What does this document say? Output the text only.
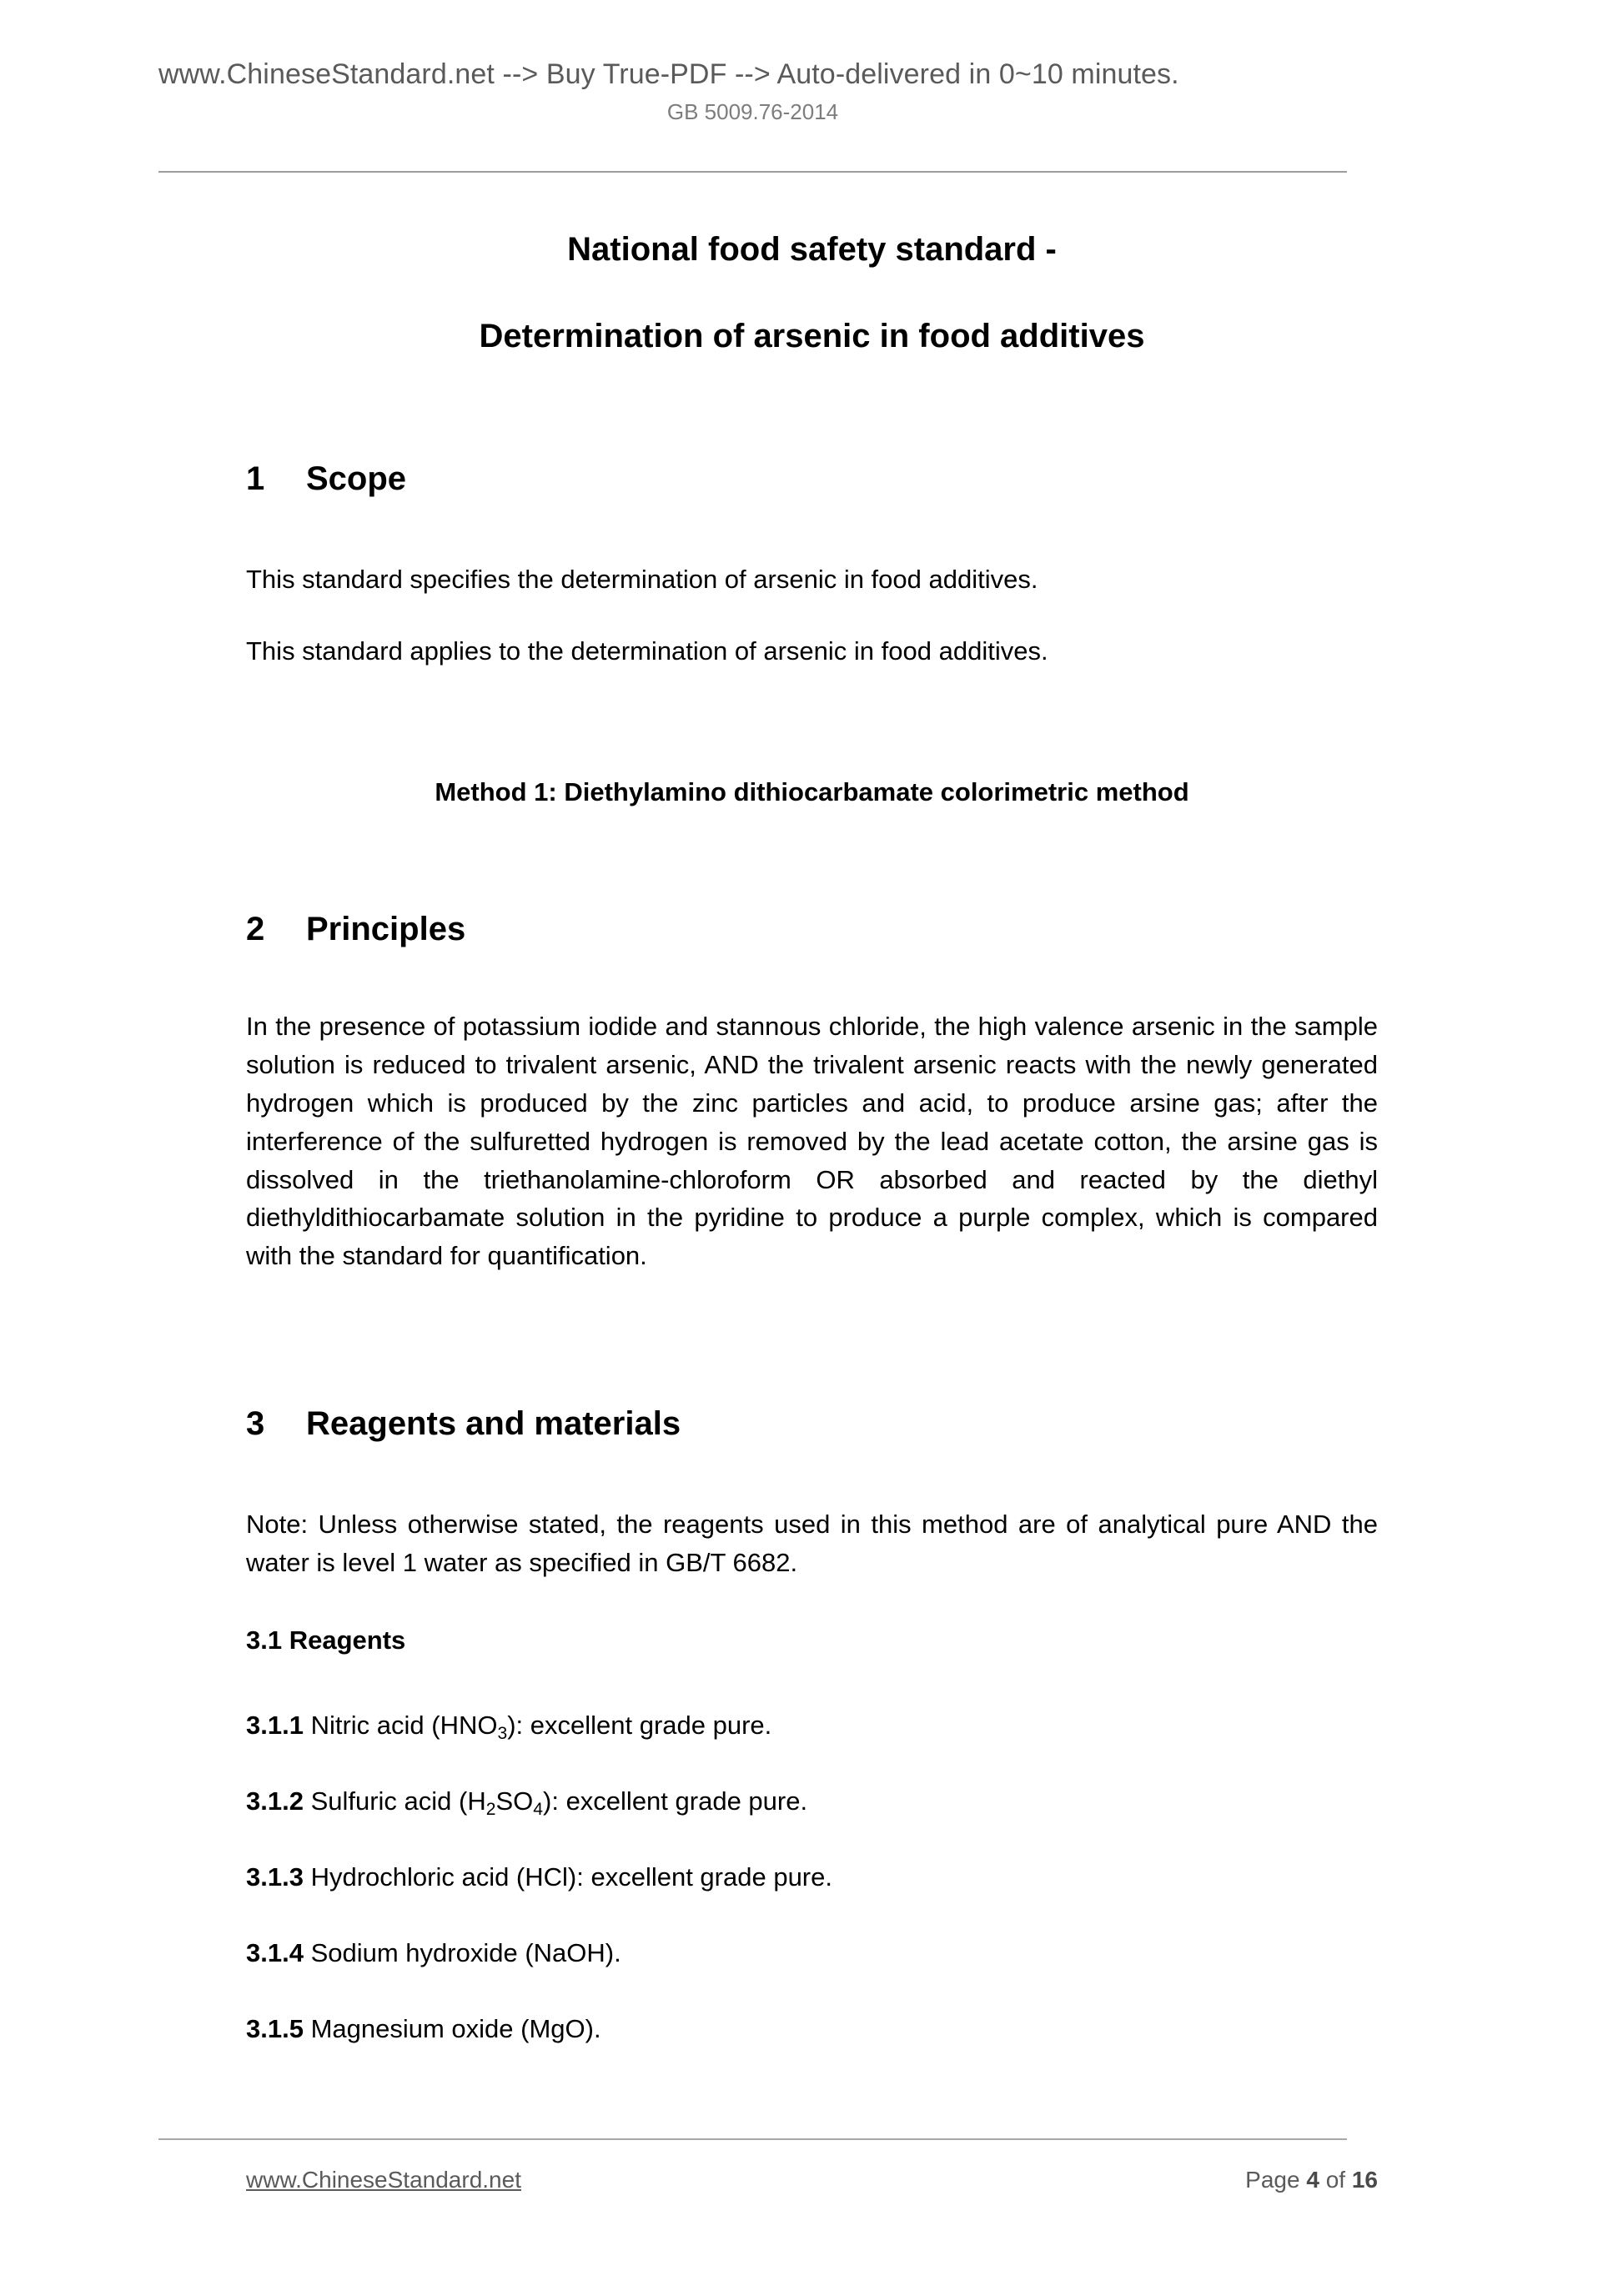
www.ChineseStandard.net --> Buy True-PDF --> Auto-delivered in 0~10 minutes.
GB 5009.76-2014
National food safety standard -
Determination of arsenic in food additives
1 Scope
This standard specifies the determination of arsenic in food additives.
This standard applies to the determination of arsenic in food additives.
Method 1: Diethylamino dithiocarbamate colorimetric method
2 Principles
In the presence of potassium iodide and stannous chloride, the high valence arsenic in the sample solution is reduced to trivalent arsenic, AND the trivalent arsenic reacts with the newly generated hydrogen which is produced by the zinc particles and acid, to produce arsine gas; after the interference of the sulfuretted hydrogen is removed by the lead acetate cotton, the arsine gas is dissolved in the triethanolamine-chloroform OR absorbed and reacted by the diethyl diethyldithiocarbamate solution in the pyridine to produce a purple complex, which is compared with the standard for quantification.
3 Reagents and materials
Note: Unless otherwise stated, the reagents used in this method are of analytical pure AND the water is level 1 water as specified in GB/T 6682.
3.1 Reagents
3.1.1 Nitric acid $(HNO_3)$: excellent grade pure.
3.1.2 Sulfuric acid $(H_2SO_4)$: excellent grade pure.
3.1.3 Hydrochloric acid (HCl): excellent grade pure.
3.1.4 Sodium hydroxide (NaOH).
3.1.5 Magnesium oxide (MgO).
www.ChineseStandard.net	Page 4 of 16
